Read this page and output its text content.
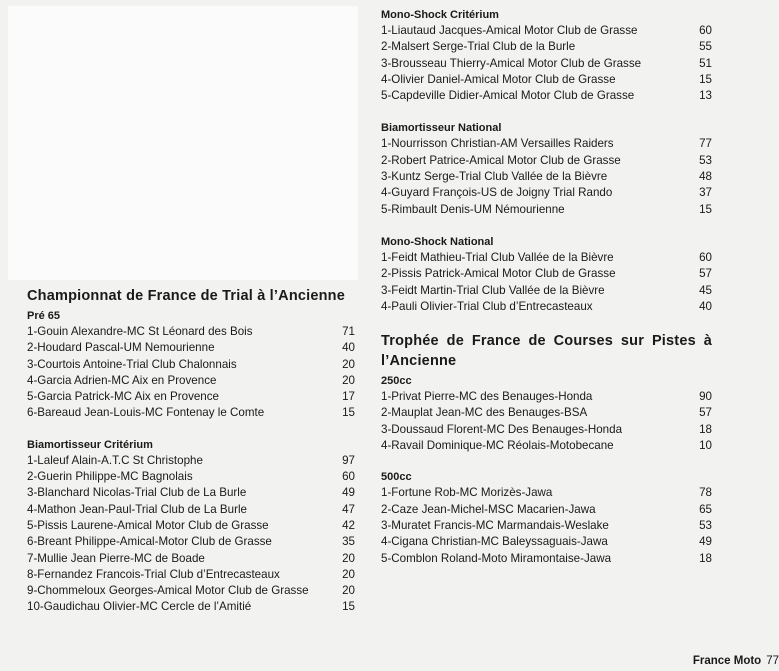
Championnat de France de Trial à l’Ancienne
Pré 65
1-Gouin Alexandre-MC St Léonard des Bois	71
2-Houdard Pascal-UM Nemourienne	40
3-Courtois Antoine-Trial Club Chalonnais	20
4-Garcia Adrien-MC Aix en Provence	20
5-Garcia Patrick-MC Aix en Provence	17
6-Bareaud Jean-Louis-MC Fontenay le Comte	15
Biamortisseur Critérium
1-Laleuf Alain-A.T.C St Christophe	97
2-Guerin Philippe-MC Bagnolais	60
3-Blanchard Nicolas-Trial Club de La Burle	49
4-Mathon Jean-Paul-Trial Club de La Burle	47
5-Pissis Laurene-Amical Motor Club de Grasse	42
6-Breant Philippe-Amical-Motor Club de Grasse	35
7-Mullie Jean Pierre-MC de Boade	20
8-Fernandez Francois-Trial Club d’Entrecasteaux	20
9-Chommeloux Georges-Amical Motor Club de Grasse	20
10-Gaudichau Olivier-MC Cercle de l’Amitié	15
Mono-Shock Critérium
1-Liautaud Jacques-Amical Motor Club de Grasse	60
2-Malsert Serge-Trial Club de la Burle	55
3-Brousseau Thierry-Amical Motor Club de Grasse	51
4-Olivier Daniel-Amical Motor Club de Grasse	15
5-Capdeville Didier-Amical Motor Club de Grasse	13
Biamortisseur National
1-Nourrisson Christian-AM Versailles Raiders	77
2-Robert Patrice-Amical Motor Club de Grasse	53
3-Kuntz Serge-Trial Club Vallée de la Bièvre	48
4-Guyard François-US de Joigny Trial Rando	37
5-Rimbault Denis-UM Némourienne	15
Mono-Shock National
1-Feidt Mathieu-Trial Club Vallée de la Bièvre	60
2-Pissis Patrick-Amical Motor Club de Grasse	57
3-Feidt Martin-Trial Club Vallée de la Bièvre	45
4-Pauli Olivier-Trial Club d’Entrecasteaux	40
Trophée de France de Courses sur Pistes à l’Ancienne
250cc
1-Privat Pierre-MC des Benauges-Honda	90
2-Mauplat Jean-MC des Benauges-BSA	57
3-Doussaud Florent-MC Des Benauges-Honda	18
4-Ravail Dominique-MC Réolais-Motobecane	10
500cc
1-Fortune Rob-MC Morizès-Jawa	78
2-Caze Jean-Michel-MSC Macarien-Jawa	65
3-Muratet Francis-MC Marmandais-Weslake	53
4-Cigana Christian-MC Baleyssaguais-Jawa	49
5-Comblon Roland-Moto Miramontaise-Jawa	18
France Moto 77
